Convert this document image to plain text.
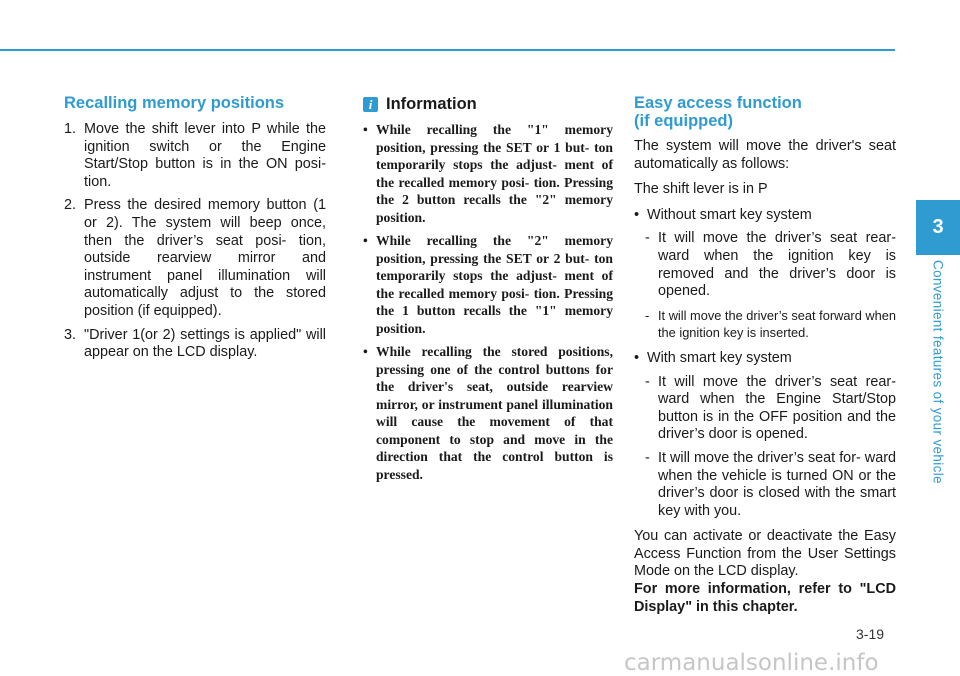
Recalling memory positions
1. Move the shift lever into P while the ignition switch or the Engine Start/Stop button is in the ON posi- tion.
2. Press the desired memory button (1 or 2). The system will beep once, then the driver’s seat posi- tion, outside rearview mirror and instrument panel illumination will automatically adjust to the stored position (if equipped).
3. "Driver 1(or 2) settings is applied" will appear on the LCD display.
i Information
• While recalling the "1" memory position, pressing the SET or 1 but- ton temporarily stops the adjust- ment of the recalled memory posi- tion. Pressing the 2 button recalls the "2" memory position.
• While recalling the "2" memory position, pressing the SET or 2 but- ton temporarily stops the adjust- ment of the recalled memory posi- tion. Pressing the 1 button recalls the "1" memory position.
• While recalling the stored positions, pressing one of the control buttons for the driver's seat, outside rearview mirror, or instrument panel illumination will cause the movement of that component to stop and move in the direction that the control button is pressed.
Easy access function
(if equipped)
The system will move the driver's seat automatically as follows:
The shift lever is in P
• Without smart key system
- It will move the driver’s seat rear- ward when the ignition key is removed and the driver’s door is opened.
- It will move the driver’s seat forward when the ignition key is inserted.
• With smart key system
- It will move the driver’s seat rear- ward when the Engine Start/Stop button is in the OFF position and the driver’s door is opened.
- It will move the driver’s seat for- ward when the vehicle is turned ON or the driver’s door is closed with the smart key with you.
You can activate or deactivate the Easy Access Function from the User Settings Mode on the LCD display.
For more information, refer to "LCD Display" in this chapter.
3
Convenient features of your vehicle
3-19
carmanualsonline.info
